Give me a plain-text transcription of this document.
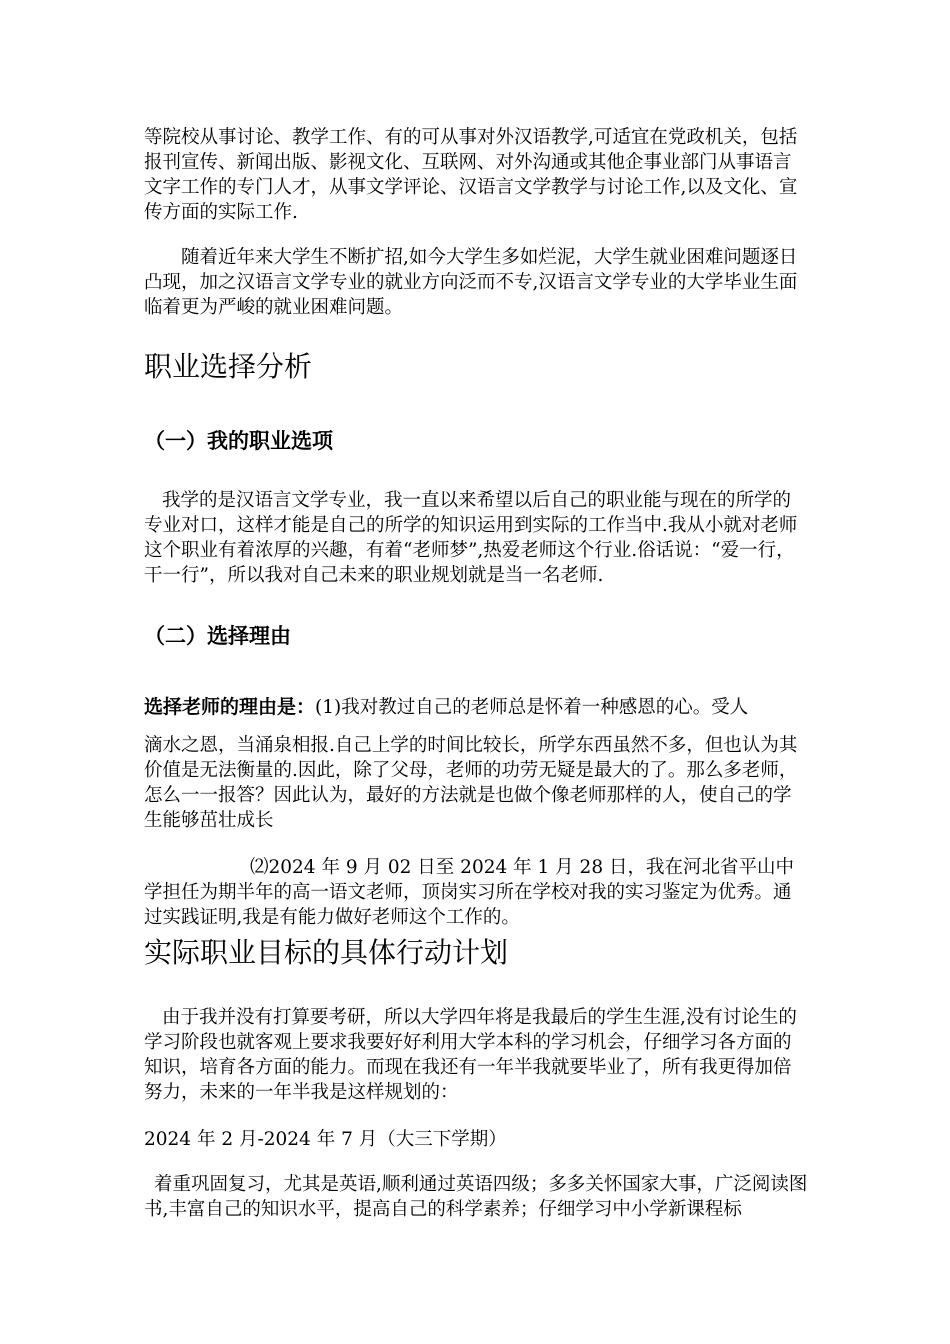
等院校从事讨论、教学工作、有的可从事对外汉语教学,可适宜在党政机关，包括报刊宣传、新闻出版、影视文化、互联网、对外沟通或其他企事业部门从事语言文字工作的专门人才，从事文学评论、汉语言文学教学与讨论工作,以及文化、宣传方面的实际工作.
随着近年来大学生不断扩招,如今大学生多如烂泥，大学生就业困难问题逐日凸现，加之汉语言文学专业的就业方向泛而不专,汉语言文学专业的大学毕业生面临着更为严峻的就业困难问题。
职业选择分析
（一）我的职业选项
我学的是汉语言文学专业，我一直以来希望以后自己的职业能与现在的所学的专业对口，这样才能是自己的所学的知识运用到实际的工作当中.我从小就对老师这个职业有着浓厚的兴趣，有着“老师梦”,热爱老师这个行业.俗话说：“爱一行，干一行”，所以我对自己未来的职业规划就是当一名老师.
（二）选择理由
选择老师的理由是：(1)我对教过自己的老师总是怀着一种感恩的心。受人
滴水之恩，当涌泉相报.自己上学的时间比较长，所学东西虽然不多，但也认为其价值是无法衡量的.因此，除了父母，老师的功劳无疑是最大的了。那么多老师，怎么一一报答？因此认为，最好的方法就是也做个像老师那样的人，使自己的学生能够茁壮成长
⑵2024 年 9 月 02 日至 2024 年 1 月 28 日，我在河北省平山中学担任为期半年的高一语文老师，顶岗实习所在学校对我的实习鉴定为优秀。通过实践证明,我是有能力做好老师这个工作的。
实际职业目标的具体行动计划
由于我并没有打算要考研，所以大学四年将是我最后的学生生涯,没有讨论生的学习阶段也就客观上要求我要好好利用大学本科的学习机会，仔细学习各方面的知识，培育各方面的能力。而现在我还有一年半我就要毕业了，所有我更得加倍努力，未来的一年半我是这样规划的：
2024 年 2 月-2024 年 7 月（大三下学期）
着重巩固复习，尤其是英语,顺利通过英语四级；多多关怀国家大事，广泛阅读图书,丰富自己的知识水平，提高自己的科学素养；仔细学习中小学新课程标
